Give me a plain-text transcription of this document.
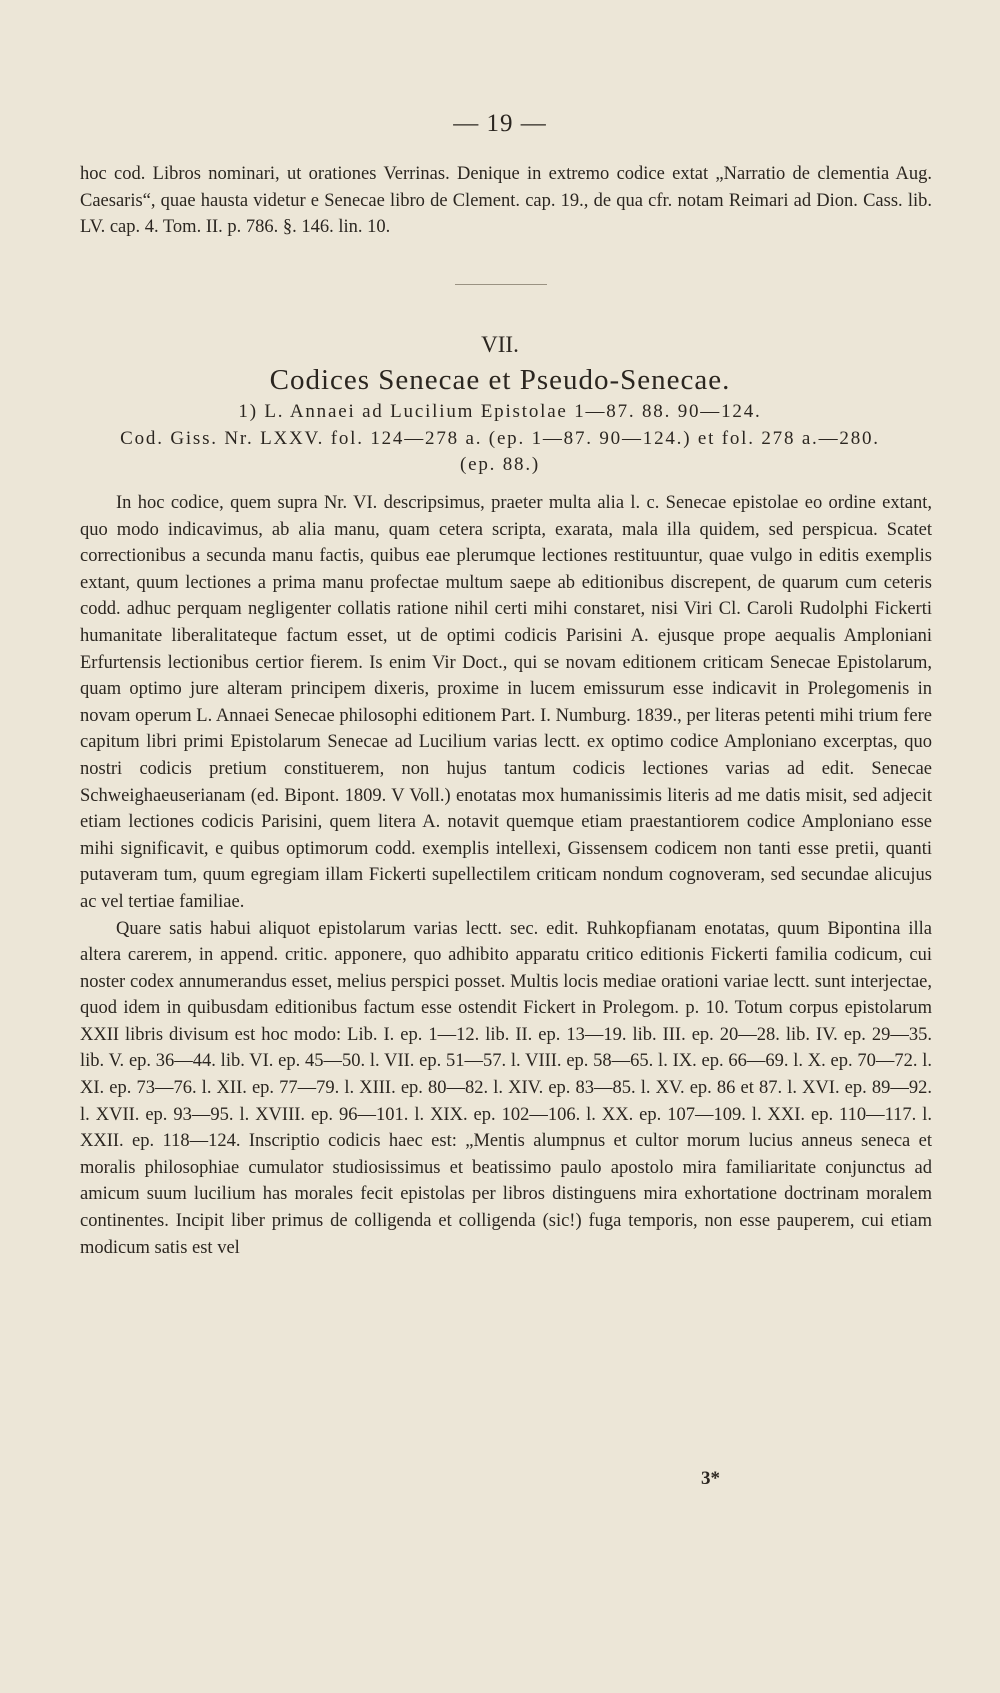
— 19 —

hoc cod. Libros nominari, ut orationes Verrinas. Denique in extremo codice extat „Narratio de clementia Aug. Caesaris“, quae hausta videtur e Senecae libro de Clement. cap. 19., de qua cfr. notam Reimari ad Dion. Cass. lib. LV. cap. 4. Tom. II. p. 786. §. 146. lin. 10.

VII.
Codices Senecae et Pseudo-Senecae.
1) L. Annaei ad Lucilium Epistolae 1—87. 88. 90—124.
Cod. Giss. Nr. LXXV. fol. 124—278 a. (ep. 1—87. 90—124.) et fol. 278 a.—280.
(ep. 88.)

In hoc codice, quem supra Nr. VI. descripsimus, praeter multa alia l. c. Senecae epistolae eo ordine extant, quo modo indicavimus, ab alia manu, quam cetera scripta, exarata, mala illa quidem, sed perspicua. Scatet correctionibus a secunda manu factis, quibus eae plerumque lectiones restituuntur, quae vulgo in editis exemplis extant, quum lectiones a prima manu profectae multum saepe ab editionibus discrepent, de quarum cum ceteris codd. adhuc perquam negligenter collatis ratione nihil certi mihi constaret, nisi Viri Cl. Caroli Rudolphi Fickerti humanitate liberalitateque factum esset, ut de optimi codicis Parisini A. ejusque prope aequalis Amploniani Erfurtensis lectionibus certior fierem. Is enim Vir Doct., qui se novam editionem criticam Senecae Epistolarum, quam optimo jure alteram principem dixeris, proxime in lucem emissurum esse indicavit in Prolegomenis in novam operum L. Annaei Senecae philosophi editionem Part. I. Numburg. 1839., per literas petenti mihi trium fere capitum libri primi Epistolarum Senecae ad Lucilium varias lectt. ex optimo codice Amploniano excerptas, quo nostri codicis pretium constituerem, non hujus tantum codicis lectiones varias ad edit. Senecae Schweighaeuserianam (ed. Bipont. 1809. V Voll.) enotatas mox humanissimis literis ad me datis misit, sed adjecit etiam lectiones codicis Parisini, quem litera A. notavit quemque etiam praestantiorem codice Amploniano esse mihi significavit, e quibus optimorum codd. exemplis intellexi, Gissensem codicem non tanti esse pretii, quanti putaveram tum, quum egregiam illam Fickerti supellectilem criticam nondum cognoveram, sed secundae alicujus ac vel tertiae familiae.

Quare satis habui aliquot epistolarum varias lectt. sec. edit. Ruhkopfianam enotatas, quum Bipontina illa altera carerem, in append. critic. apponere, quo adhibito apparatu critico editionis Fickerti familia codicum, cui noster codex annumerandus esset, melius perspici posset. Multis locis mediae orationi variae lectt. sunt interjectae, quod idem in quibusdam editionibus factum esse ostendit Fickert in Prolegom. p. 10. Totum corpus epistolarum XXII libris divisum est hoc modo: Lib. I. ep. 1—12. lib. II. ep. 13—19. lib. III. ep. 20—28. lib. IV. ep. 29—35. lib. V. ep. 36—44. lib. VI. ep. 45—50. l. VII. ep. 51—57. l. VIII. ep. 58—65. l. IX. ep. 66—69. l. X. ep. 70—72. l. XI. ep. 73—76. l. XII. ep. 77—79. l. XIII. ep. 80—82. l. XIV. ep. 83—85. l. XV. ep. 86 et 87. l. XVI. ep. 89—92. l. XVII. ep. 93—95. l. XVIII. ep. 96—101. l. XIX. ep. 102—106. l. XX. ep. 107—109. l. XXI. ep. 110—117. l. XXII. ep. 118—124. Inscriptio codicis haec est: „Mentis alumpnus et cultor morum lucius anneus seneca et moralis philosophiae cumulator studiosissimus et beatissimo paulo apostolo mira familiaritate conjunctus ad amicum suum lucilium has morales fecit epistolas per libros distinguens mira exhortatione doctrinam moralem continentes. Incipit liber primus de colligenda et colligenda (sic!) fuga temporis, non esse pauperem, cui etiam modicum satis est vel

3*
